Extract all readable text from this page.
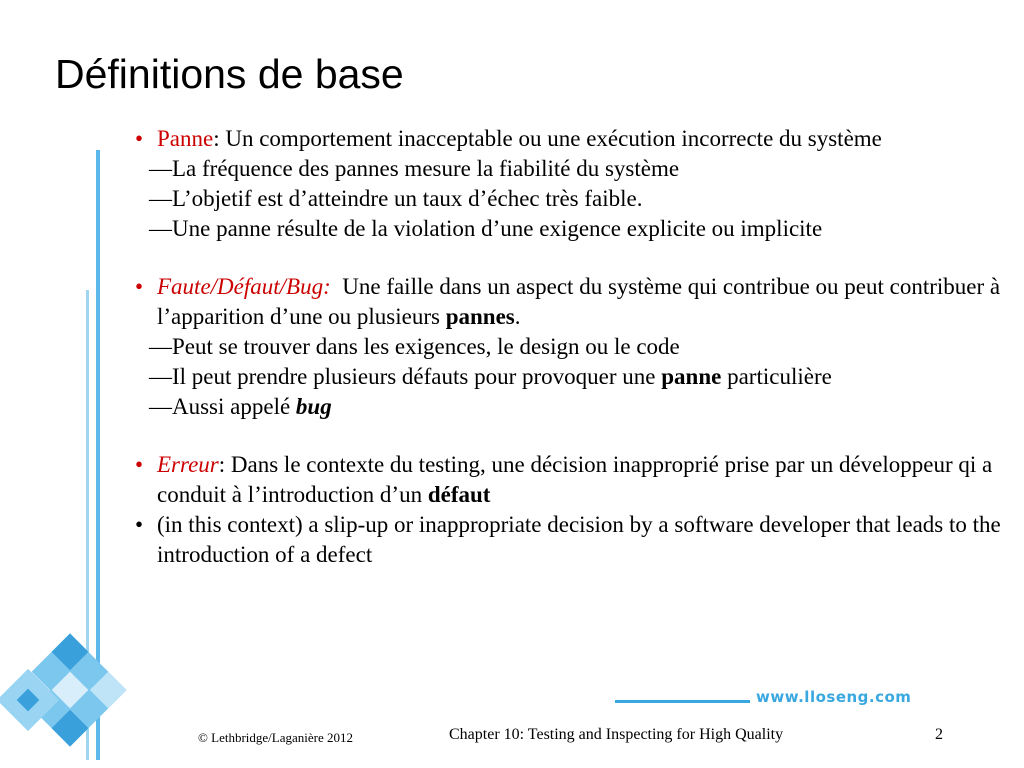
Définitions de base
• Panne: Un comportement inacceptable ou une exécution incorrecte du système
—La fréquence des pannes mesure la fiabilité du système
—L’objetif est d’atteindre un taux d’échec très faible.
—Une panne résulte de la violation d’une exigence explicite ou implicite
• Faute/Défaut/Bug:  Une faille dans un aspect du système qui contribue ou peut contribuer à l’apparition d’une ou plusieurs pannes.
—Peut se trouver dans les exigences, le design ou le code
—Il peut prendre plusieurs défauts pour provoquer une panne particulière
—Aussi appelé bug
• Erreur: Dans le contexte du testing, une décision inapproprié prise par un développeur qi a conduit à l’introduction d’un défaut
• (in this context) a slip-up or inappropriate decision by a software developer that leads to the introduction of a defect
www.lloseng.com
© Lethbridge/Laganière 2012	Chapter 10: Testing and Inspecting for High Quality	2
